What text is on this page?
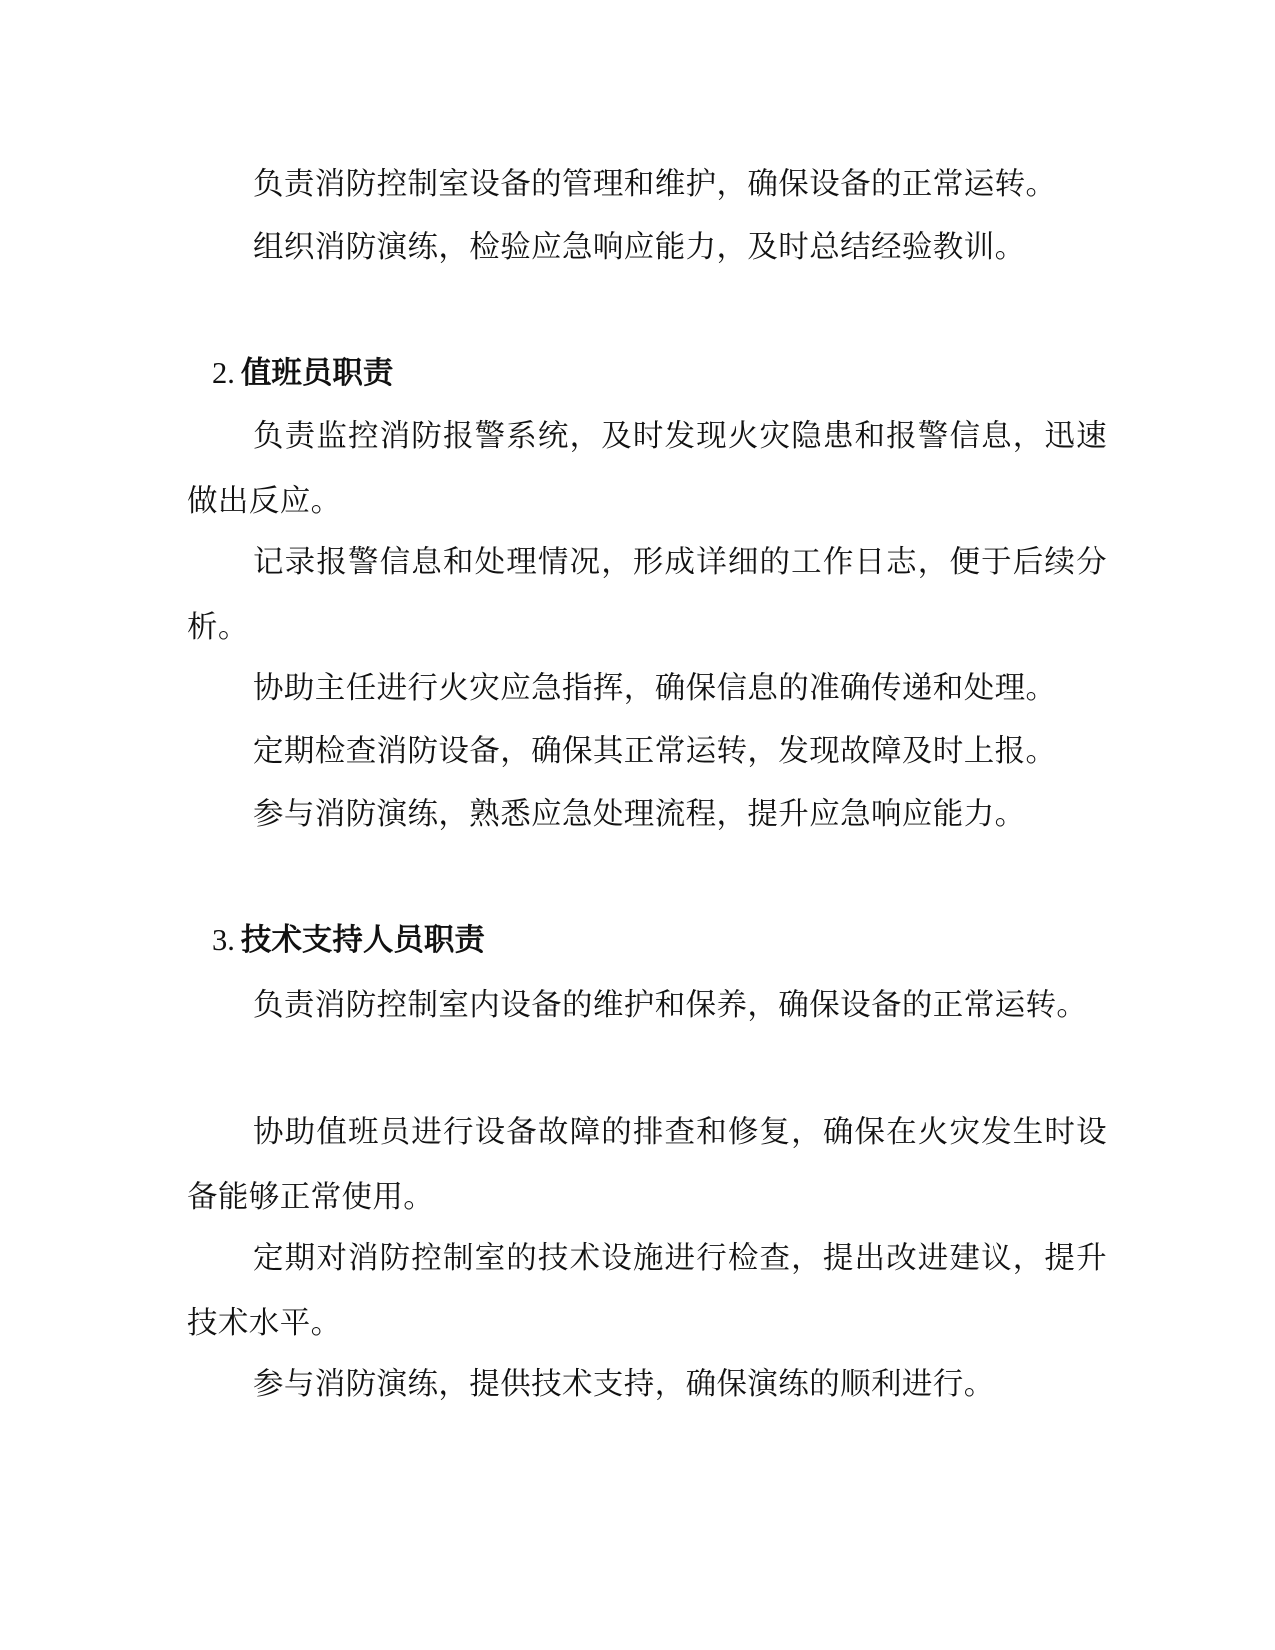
负责消防控制室设备的管理和维护，确保设备的正常运转。

组织消防演练，检验应急响应能力，及时总结经验教训。

2. 值班员职责

负责监控消防报警系统，及时发现火灾隐患和报警信息，迅速做出反应。

记录报警信息和处理情况，形成详细的工作日志，便于后续分析。

协助主任进行火灾应急指挥，确保信息的准确传递和处理。

定期检查消防设备，确保其正常运转，发现故障及时上报。

参与消防演练，熟悉应急处理流程，提升应急响应能力。

3. 技术支持人员职责

负责消防控制室内设备的维护和保养，确保设备的正常运转。

协助值班员进行设备故障的排查和修复，确保在火灾发生时设备能够正常使用。

定期对消防控制室的技术设施进行检查，提出改进建议，提升技术水平。

参与消防演练，提供技术支持，确保演练的顺利进行。
